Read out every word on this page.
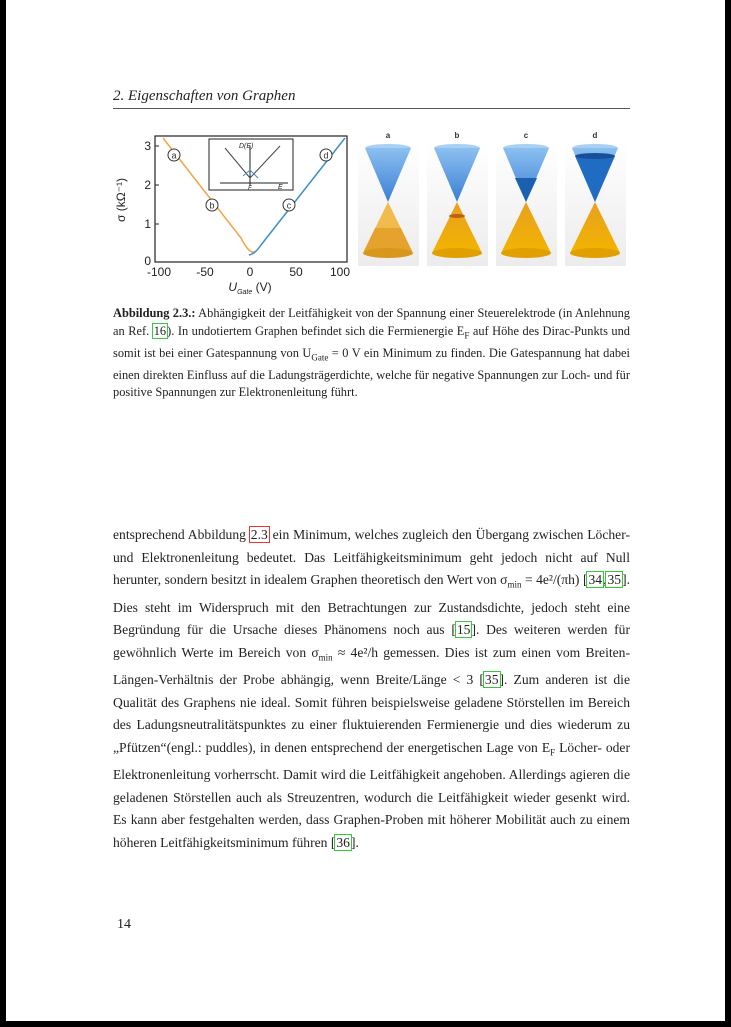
2. Eigenschaften von Graphen
3
2
1
0
σ (kΩ⁻¹)
-100 -50	0	50 100
$U_{Gate}$ (V)
a
b	c
d
D(E)
E
E
a	b	c	d
Abbildung 2.3.: Abhängigkeit der Leitfähigkeit von der Spannung einer Steuerelektrode (in Anlehnung an Ref. 16). In undotiertem Graphen befindet sich die Fermienergie $E_F$ auf Höhe des Dirac-Punkts und somit ist bei einer Gatespannung von $U_{Gate} = 0$ V ein Minimum zu finden. Die Gatespannung hat dabei einen direkten Einfluss auf die Ladungsträgerdichte, welche für negative Spannungen zur Loch- und für positive Spannungen zur Elektronenleitung führt.
entsprechend Abbildung 2.3 ein Minimum, welches zugleich den Übergang zwischen Löcher- und Elektronenleitung bedeutet. Das Leitfähigkeitsminimum geht jedoch nicht auf Null herunter, sondern besitzt in idealem Graphen theoretisch den Wert von $\sigma_{min} = 4e^2/(\pi h)$ [34,35]. Dies steht im Widerspruch mit den Betrachtungen zur Zustandsdichte, jedoch steht eine Begründung für die Ursache dieses Phänomens noch aus [15]. Des weiteren werden für gewöhnlich Werte im Bereich von $\sigma_{min} \approx 4e^2/h$ gemessen. Dies ist zum einen vom Breiten-Längen-Verhältnis der Probe abhängig, wenn Breite/Länge < 3 [35]. Zum anderen ist die Qualität des Graphens nie ideal. Somit führen beispielsweise geladene Störstellen im Bereich des Ladungsneutralitätspunktes zu einer fluktuierenden Fermienergie und dies wiederum zu „Pfützen“(engl.: puddles), in denen entsprechend der energetischen Lage von $E_F$ Löcher- oder Elektronenleitung vorherrscht. Damit wird die Leitfähigkeit angehoben. Allerdings agieren die geladenen Störstellen auch als Streuzentren, wodurch die Leitfähigkeit wieder gesenkt wird. Es kann aber festgehalten werden, dass Graphen-Proben mit höherer Mobilität auch zu einem höheren Leitfähigkeitsminimum führen [36].
14
